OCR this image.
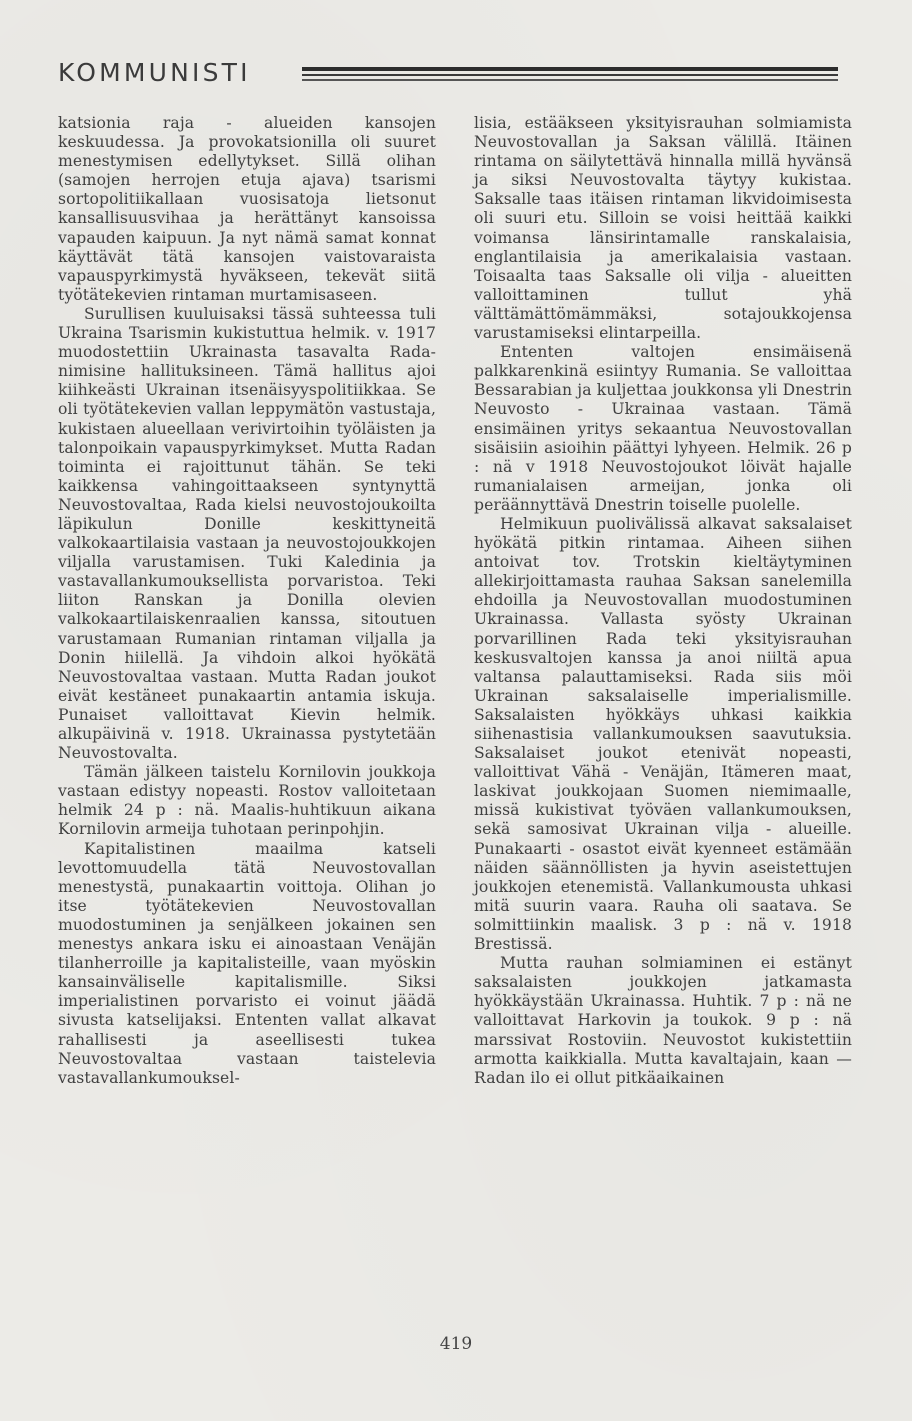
KOMMUNISTI

katsionia raja - alueiden kansojen keskuudessa. Ja provokatsionilla oli suuret menestymisen edellytykset. Sillä olihan (samojen herrojen etuja ajava) tsarismi sortopolitiikallaan vuosisatoja lietsonut kansallisuusvihaa ja herättänyt kansoissa vapauden kaipuun. Ja nyt nämä samat konnat käyttävät tätä kansojen vaistovaraista vapauspyrkimystä hyväkseen, tekevät siitä työtätekevien rintaman murtamisaseen.

Surullisen kuuluisaksi tässä suhteessa tuli Ukraina Tsarismin kukistuttua helmik. v. 1917 muodostettiin Ukrainasta tasavalta Rada-nimisine hallituksineen. Tämä hallitus ajoi kiihkeästi Ukrainan itsenäisyyspolitiikkaa. Se oli työtätekevien vallan leppymätön vastustaja, kukistaen alueellaan verivirtoihin työläisten ja talonpoikain vapauspyrkimykset. Mutta Radan toiminta ei rajoittunut tähän. Se teki kaikkensa vahingoittaakseen syntynyttä Neuvostovaltaa, Rada kielsi neuvostojoukoilta läpikulun Donille keskittyneitä valkokaartilaisia vastaan ja neuvostojoukkojen viljalla varustamisen. Tuki Kaledinia ja vastavallankumouksellista porvaristoa. Teki liiton Ranskan ja Donilla olevien valkokaartilaiskenraalien kanssa, sitoutuen varustamaan Rumanian rintaman viljalla ja Donin hiilellä. Ja vihdoin alkoi hyökätä Neuvostovaltaa vastaan. Mutta Radan joukot eivät kestäneet punakaartin antamia iskuja. Punaiset valloittavat Kievin helmik. alkupäivinä v. 1918. Ukrainassa pystytetään Neuvostovalta.

Tämän jälkeen taistelu Kornilovin joukkoja vastaan edistyy nopeasti. Rostov valloitetaan helmik 24 p : nä. Maalis-huhtikuun aikana Kornilovin armeija tuhotaan perinpohjin.

Kapitalistinen maailma katseli levottomuudella tätä Neuvostovallan menestystä, punakaartin voittoja. Olihan jo itse työtätekevien Neuvostovallan muodostuminen ja senjälkeen jokainen sen menestys ankara isku ei ainoastaan Venäjän tilanherroille ja kapitalisteille, vaan myöskin kansainväliselle kapitalismille. Siksi imperialistinen porvaristo ei voinut jäädä sivusta katselijaksi. Ententen vallat alkavat rahallisesti ja aseellisesti tukea Neuvostovaltaa vastaan taistelevia vastavallankumouksel-

lisia, estääkseen yksityisrauhan solmiamista Neuvostovallan ja Saksan välillä. Itäinen rintama on säilytettävä hinnalla millä hyvänsä ja siksi Neuvostovalta täytyy kukistaa. Saksalle taas itäisen rintaman likvidoimisesta oli suuri etu. Silloin se voisi heittää kaikki voimansa länsirintamalle ranskalaisia, englantilaisia ja amerikalaisia vastaan. Toisaalta taas Saksalle oli vilja - alueitten valloittaminen tullut yhä välttämättömämmäksi, sotajoukkojensa varustamiseksi elintarpeilla.

Ententen valtojen ensimäisenä palkkarenkinä esiintyy Rumania. Se valloittaa Bessarabian ja kuljettaa joukkonsa yli Dnestrin Neuvosto - Ukrainaa vastaan. Tämä ensimäinen yritys sekaantua Neuvostovallan sisäisiin asioihin päättyi lyhyeen. Helmik. 26 p : nä v 1918 Neuvostojoukot löivät hajalle rumanialaisen armeijan, jonka oli peräännyttävä Dnestrin toiselle puolelle.

Helmikuun puolivälissä alkavat saksalaiset hyökätä pitkin rintamaa. Aiheen siihen antoivat tov. Trotskin kieltäytyminen allekirjoittamasta rauhaa Saksan sanelemilla ehdoilla ja Neuvostovallan muodostuminen Ukrainassa. Vallasta syösty Ukrainan porvarillinen Rada teki yksityisrauhan keskusvaltojen kanssa ja anoi niiltä apua valtansa palauttamiseksi. Rada siis möi Ukrainan saksalaiselle imperialismille. Saksalaisten hyökkäys uhkasi kaikkia siihenastisia vallankumouksen saavutuksia. Saksalaiset joukot etenivät nopeasti, valloittivat Vähä - Venäjän, Itämeren maat, laskivat joukkojaan Suomen niemimaalle, missä kukistivat työväen vallankumouksen, sekä samosivat Ukrainan vilja - alueille. Punakaarti - osastot eivät kyenneet estämään näiden säännöllisten ja hyvin aseistettujen joukkojen etenemistä. Vallankumousta uhkasi mitä suurin vaara. Rauha oli saatava. Se solmittiinkin maalisk. 3 p : nä v. 1918 Brestissä.

Mutta rauhan solmiaminen ei estänyt saksalaisten joukkojen jatkamasta hyökkäystään Ukrainassa. Huhtik. 7 p : nä ne valloittavat Harkovin ja toukok. 9 p : nä marssivat Rostoviin. Neuvostot kukistettiin armotta kaikkialla. Mutta kavaltajain, kaan — Radan ilo ei ollut pitkäaikainen

419
